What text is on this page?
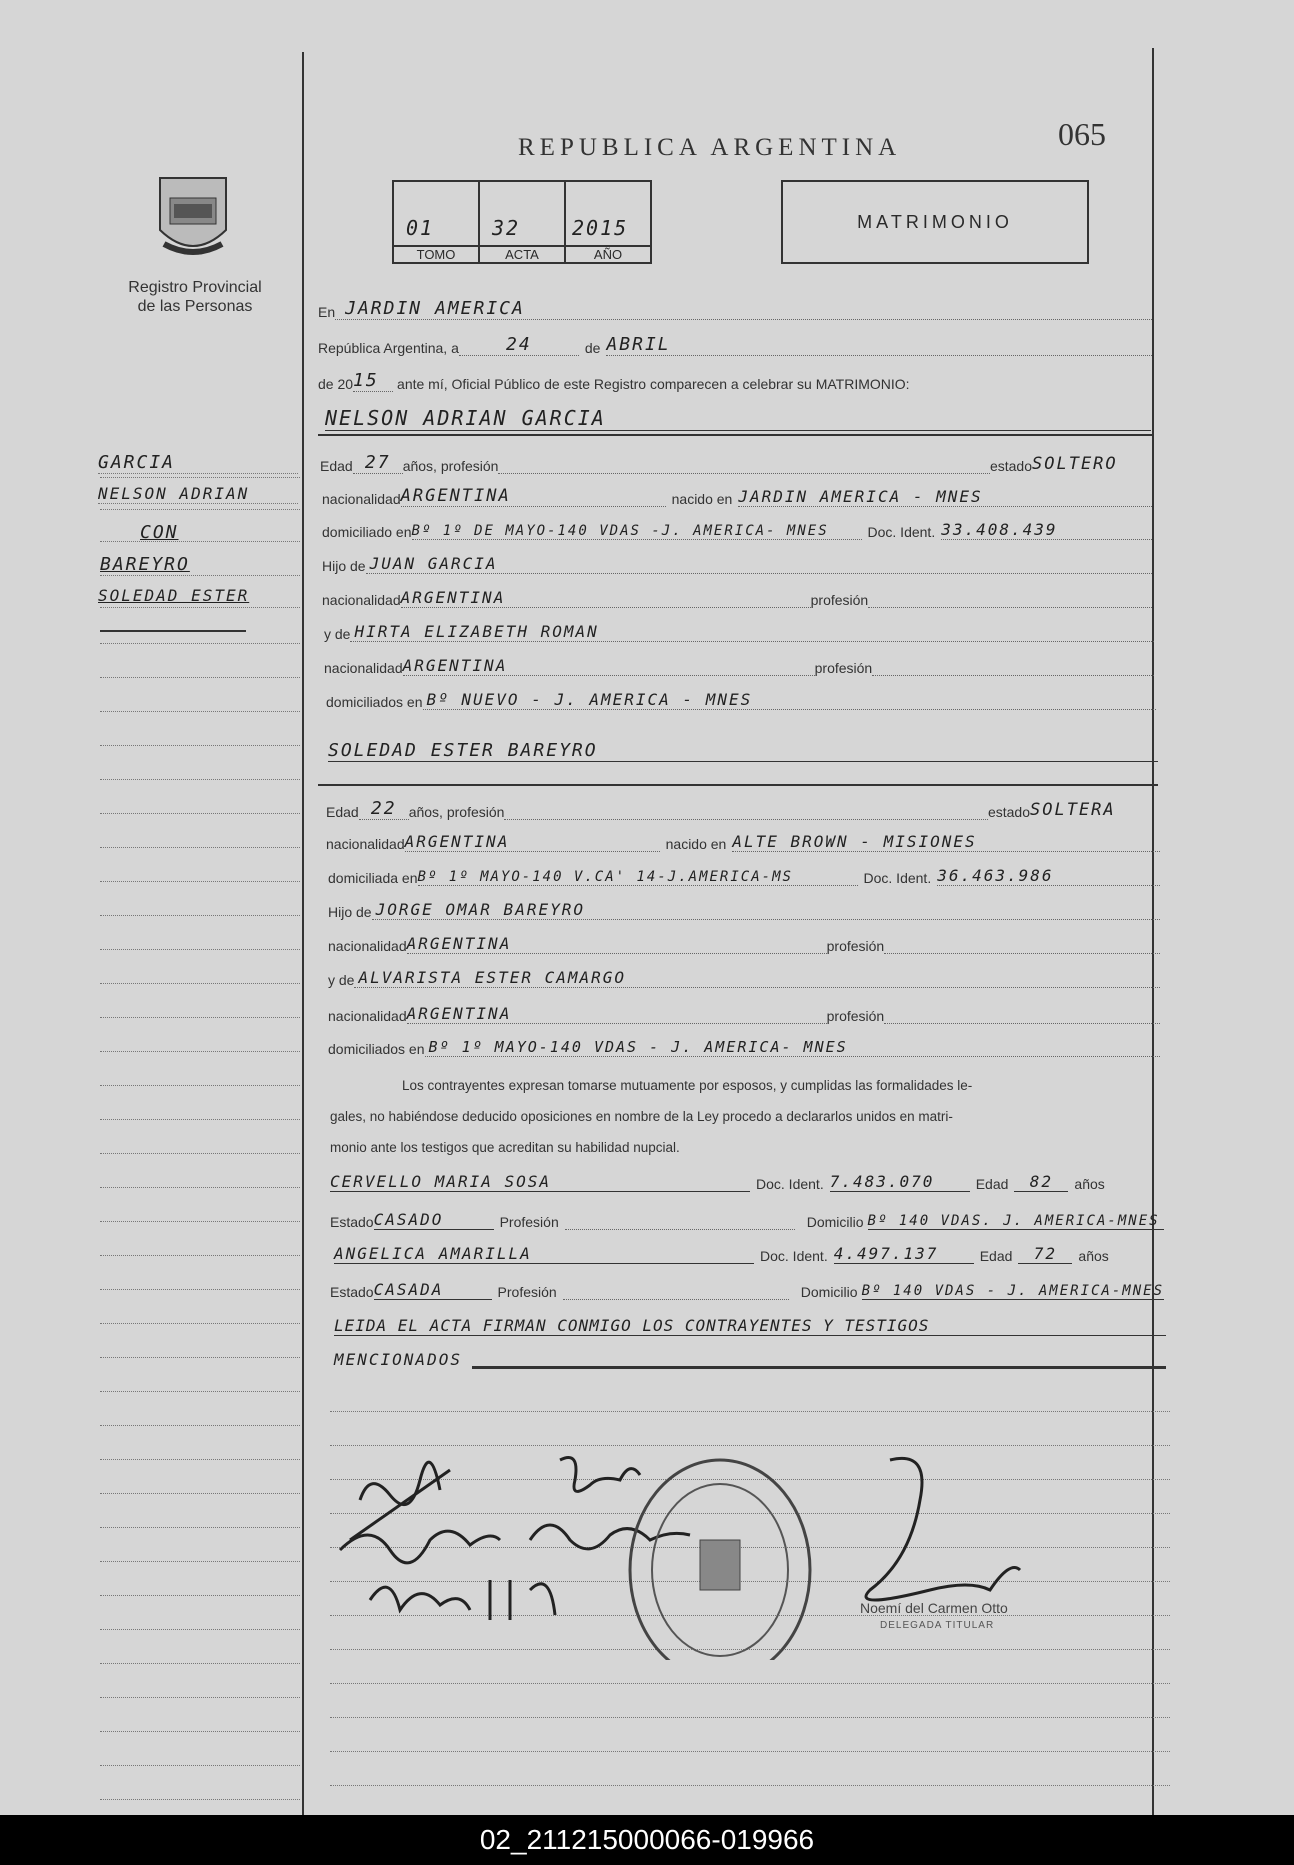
Registro Provincial
de las Personas
REPUBLICA ARGENTINA	065
01
TOMO
32
ACTA
2015
AÑO
MATRIMONIO
GARCIA
NELSON ADRIAN
CON
BAREYRO
SOLEDAD ESTER
En JARDIN AMERICA
República Argentina, a	24	de ABRIL
de 20 15	ante mí, Oficial Público de este Registro comparecen a celebrar su MATRIMONIO:
NELSON ADRIAN GARCIA
Edad 27 años, profesión	estado SOLTERO
nacionalidad ARGENTINA	nacido en JARDIN AMERICA - MNES
domiciliado en Bº 1º DE MAYO-140 VDAS -J. AMERICA- MNES	Doc. Ident. 33.408.439
Hijo de JUAN GARCIA
nacionalidad ARGENTINA	profesión
y de HIRTA ELIZABETH ROMAN
nacionalidad ARGENTINA	profesión
domiciliados en Bº NUEVO - J. AMERICA - MNES
SOLEDAD ESTER BAREYRO
Edad 22 años, profesión	estado SOLTERA
nacionalidad ARGENTINA	nacido en ALTE BROWN - MISIONES
domiciliada en Bº 1º MAYO-140 V.CA' 14-J.AMERICA-MS	Doc. Ident. 36.463.986
Hijo de JORGE OMAR BAREYRO
nacionalidad ARGENTINA	profesión
y de ALVARISTA ESTER CAMARGO
nacionalidad ARGENTINA	profesión
domiciliados en Bº 1º MAYO-140 VDAS - J. AMERICA- MNES
Los contrayentes expresan tomarse mutuamente por esposos, y cumplidas las formalidades le-
gales, no habiéndose deducido oposiciones en nombre de la Ley procedo a declararlos unidos en matri-
monio ante los testigos que acreditan su habilidad nupcial.
CERVELLO MARIA SOSA	Doc. Ident. 7.483.070	Edad	82	años
Estado CASADO	Profesión	Domicilio Bº 140 VDAS. J. AMERICA-MNES
ANGELICA AMARILLA	Doc. Ident. 4.497.137	Edad	72	años
Estado CASADA	Profesión	Domicilio Bº 140 VDAS - J. AMERICA-MNES
LEIDA EL ACTA FIRMAN CONMIGO LOS CONTRAYENTES Y TESTIGOS
MENCIONADOS
Noemí del Carmen Otto
DELEGADA TITULAR
02_211215000066-019966
